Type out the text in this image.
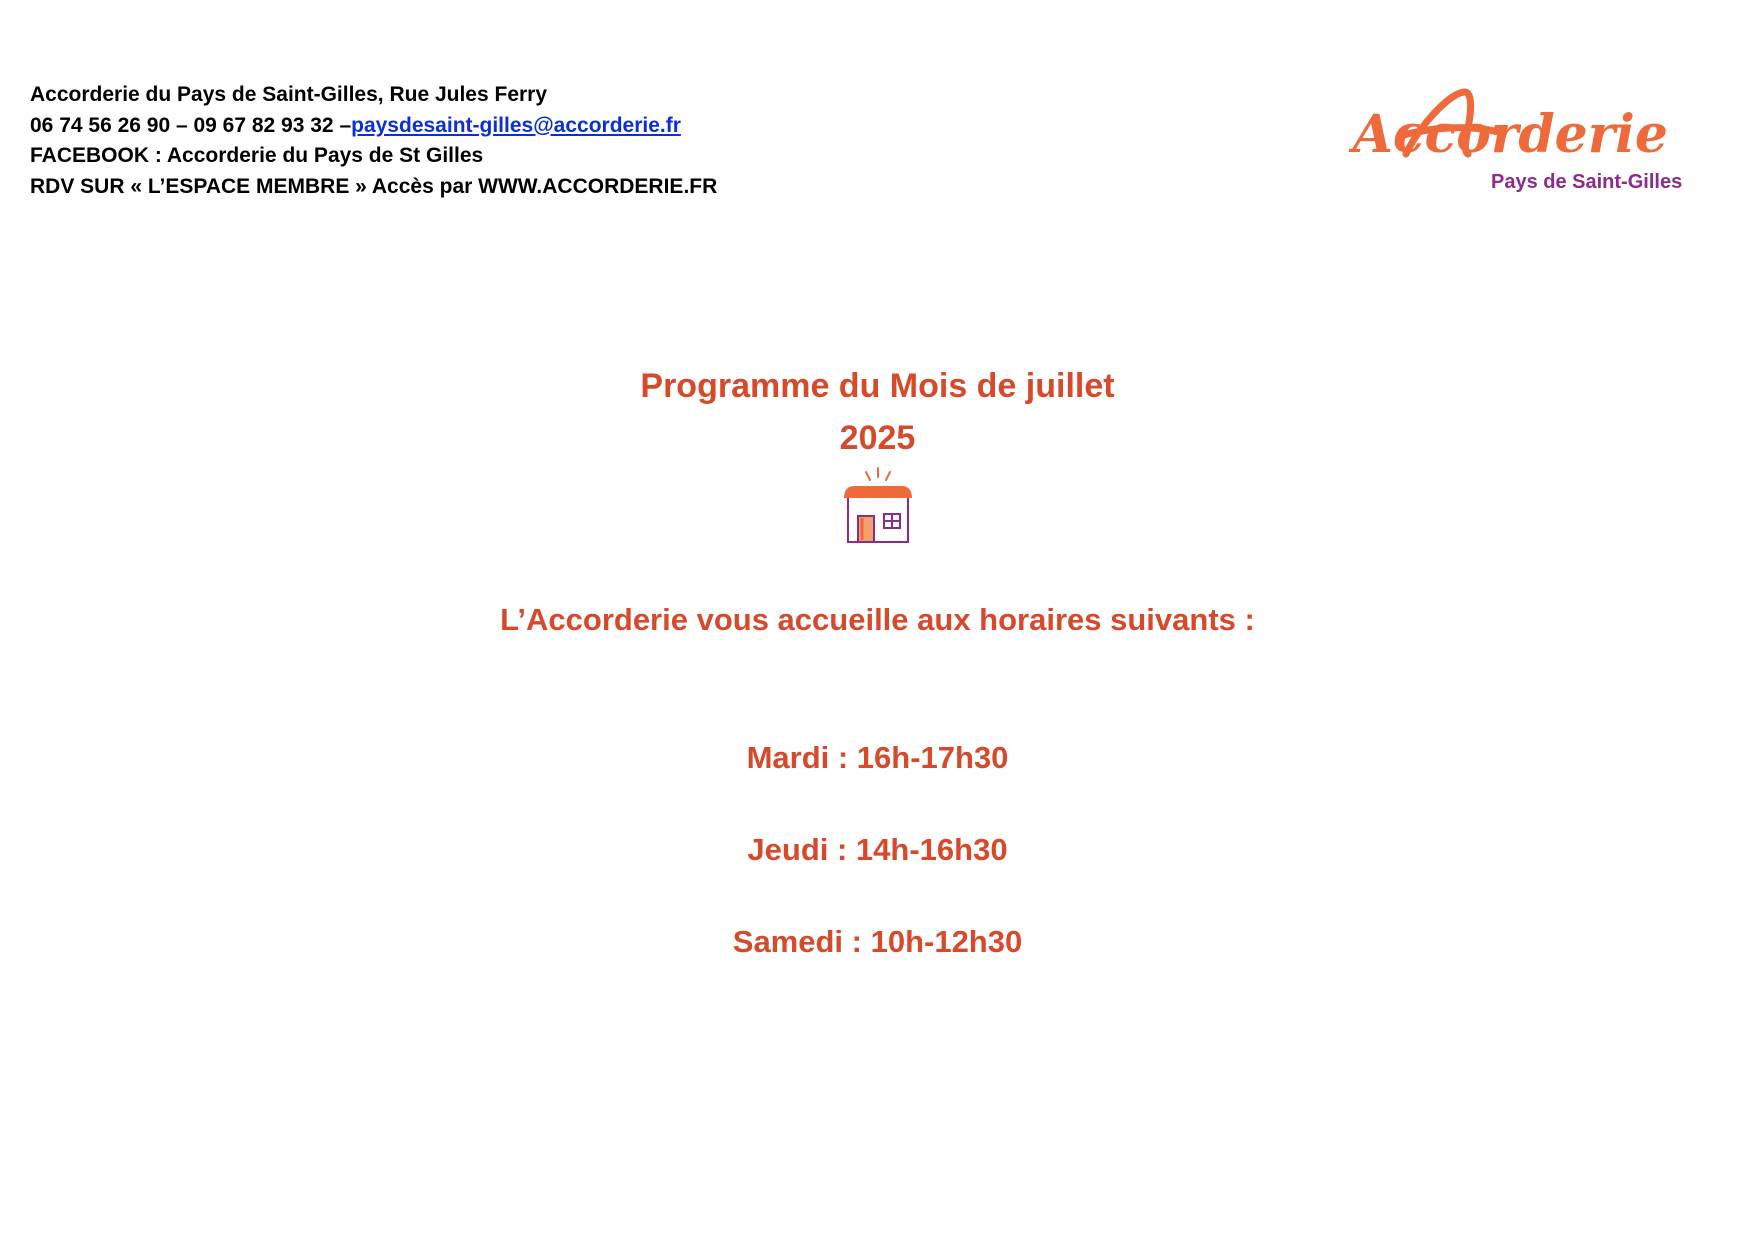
Accorderie du Pays de Saint-Gilles, Rue Jules Ferry
06 74 56 26 90 – 09 67 82 93 32 –paysdesaint-gilles@accorderie.fr
FACEBOOK : Accorderie du Pays de St Gilles
RDV SUR « L’ESPACE MEMBRE » Accès par WWW.ACCORDERIE.FR
Accorderie
Pays de Saint-Gilles
Programme du Mois de juillet
2025
L’Accorderie vous accueille aux horaires suivants :
Mardi : 16h-17h30
Jeudi : 14h-16h30
Samedi : 10h-12h30
